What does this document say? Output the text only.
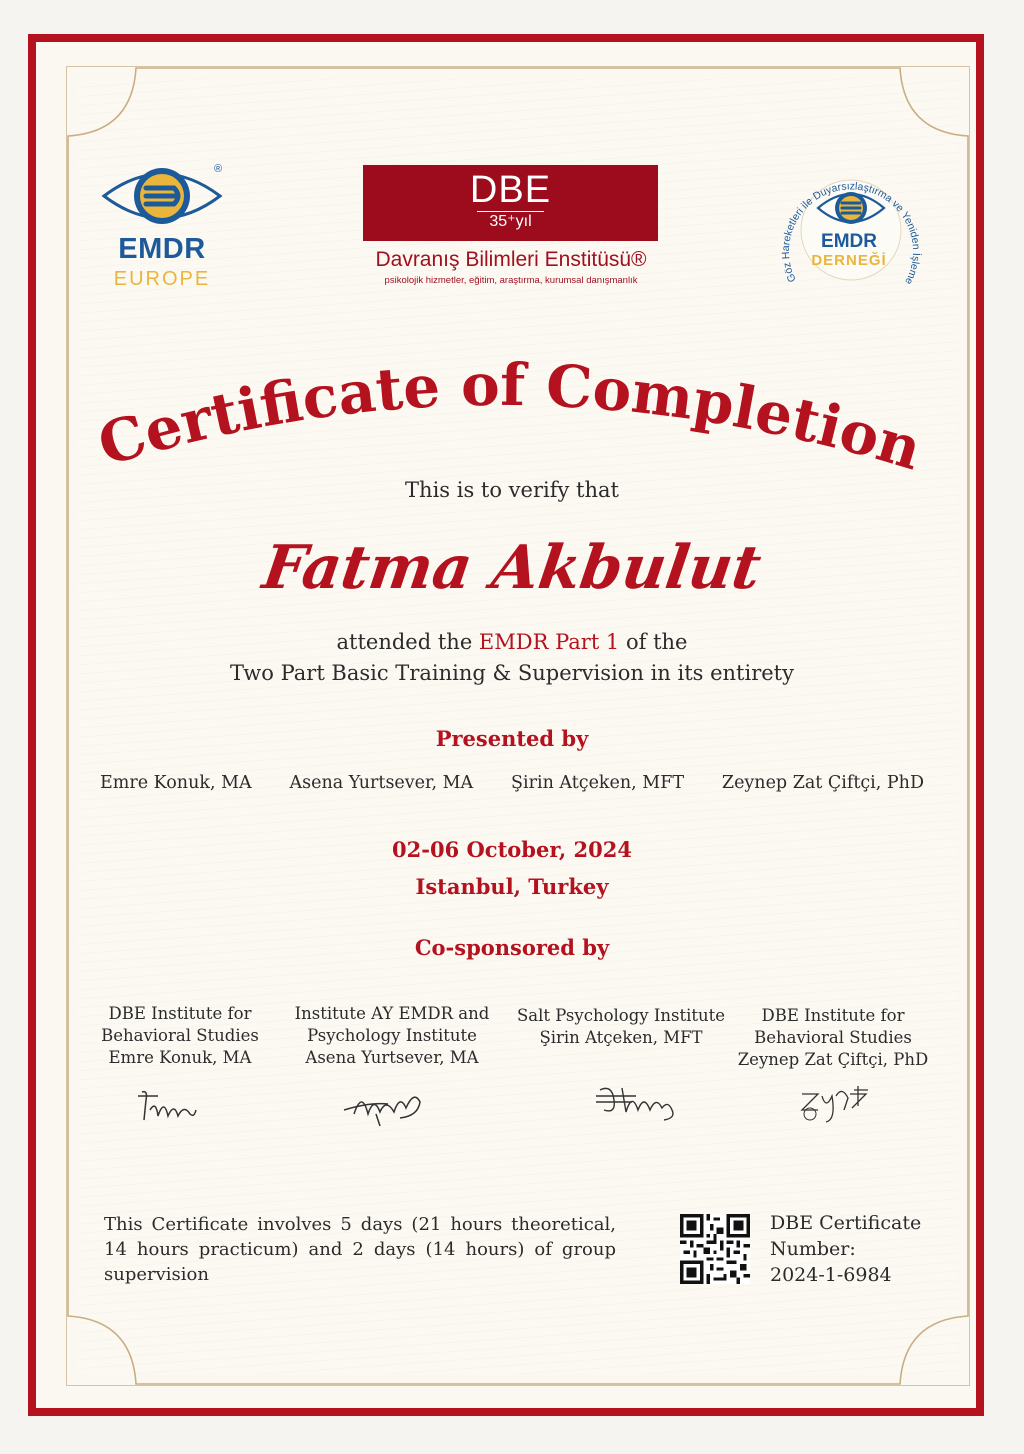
®
EMDR
EUROPE
DBE
35⁺yıl
Davranış Bilimleri Enstitüsü®
psikolojik hizmetler, eğitim, araştırma, kurumsal danışmanlık	Göz Hareketleri ile Duyarsızlaştırma ve Yeniden İşleme
EMDR
DERNEĞİ
Certificate of Completion
This is to verify that
Fatma Akbulut
attended the EMDR Part 1 of the
Two Part Basic Training & Supervision in its entirety
Presented by
Emre Konuk, MA Asena Yurtsever, MA Şirin Atçeken, MFT Zeynep Zat Çiftçi, PhD
02-06 October, 2024
Istanbul, Turkey
Co-sponsored by
DBE Institute for
Behavioral Studies
Emre Konuk, MA
Institute AY EMDR and
Psychology Institute
Asena Yurtsever, MA
Salt Psychology Institute
Şirin Atçeken, MFT
DBE Institute for
Behavioral Studies
Zeynep Zat Çiftçi, PhD
This Certificate involves 5 days (21 hours theoretical, 14 hours practicum) and 2 days (14 hours) of group supervision
DBE Certificate
Number:
2024-1-6984
